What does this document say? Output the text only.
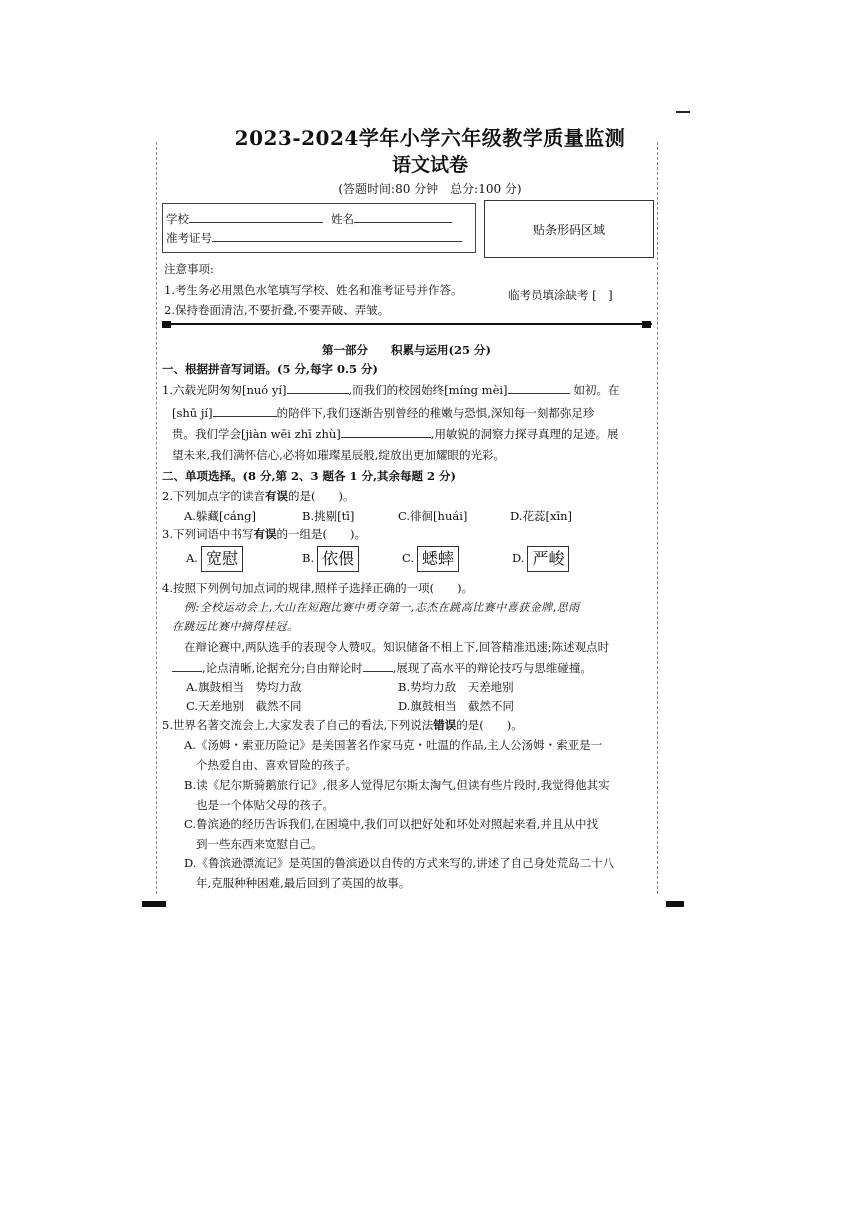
2023-2024学年小学六年级教学质量监测
语文试卷
(答题时间:80 分钟　总分:100 分)
学校	姓名
准考证号
贴条形码区域
注意事项:
1.考生务必用黑色水笔填写学校、姓名和准考证号并作答。
2.保持卷面清洁,不要折叠,不要弄破、弄皱。
临考员填涂缺考 [　]
第一部分　　积累与运用(25 分)
一、根据拼音写词语。(5 分,每字 0.5 分)
1.六载光阴匆匆[nuó yí]	,而我们的校园始终[míng mèi]	如初。在
[shū jí]	的陪伴下,我们逐渐告别曾经的稚嫩与恐惧,深知每一刻都弥足珍
贵。我们学会[jiàn wēi zhī zhù]	,用敏锐的洞察力探寻真理的足迹。展
望未来,我们满怀信心,必将如璀璨星辰般,绽放出更加耀眼的光彩。
二、单项选择。(8 分,第 2、3 题各 1 分,其余每题 2 分)
2.下列加点字的读音有误的是(　　)。
A.躲藏[cáng]	B.挑剔[tī]	C.徘徊[huái]	D.花蕊[xīn]
3.下列词语中书写有误的一组是(　　)。
A. 宽慰	B. 依偎	C. 蟋蟀	D. 严峻
4.按照下列例句加点词的规律,照样子选择正确的一项(　　)。
例:全校运动会上,大山在短跑比赛中勇夺第一,志杰在跳高比赛中喜获金牌,思雨
在跳远比赛中摘得桂冠。
在辩论赛中,两队选手的表现令人赞叹。知识储备不相上下,回答精准迅速;陈述观点时
,论点清晰,论据充分;自由辩论时	,展现了高水平的辩论技巧与思维碰撞。
A.旗鼓相当　势均力敌	B.势均力敌　天差地别
C.天差地别　截然不同	D.旗鼓相当　截然不同
5.世界名著交流会上,大家发表了自己的看法,下列说法错误的是(　　)。
A.《汤姆・索亚历险记》是美国著名作家马克・吐温的作品,主人公汤姆・索亚是一
个热爱自由、喜欢冒险的孩子。
B.读《尼尔斯骑鹅旅行记》,很多人觉得尼尔斯太淘气,但读有些片段时,我觉得他其实
也是一个体贴父母的孩子。
C.鲁滨逊的经历告诉我们,在困境中,我们可以把好处和坏处对照起来看,并且从中找
到一些东西来宽慰自己。
D.《鲁滨逊漂流记》是英国的鲁滨逊以自传的方式来写的,讲述了自己身处荒岛二十八
年,克服种种困难,最后回到了英国的故事。
